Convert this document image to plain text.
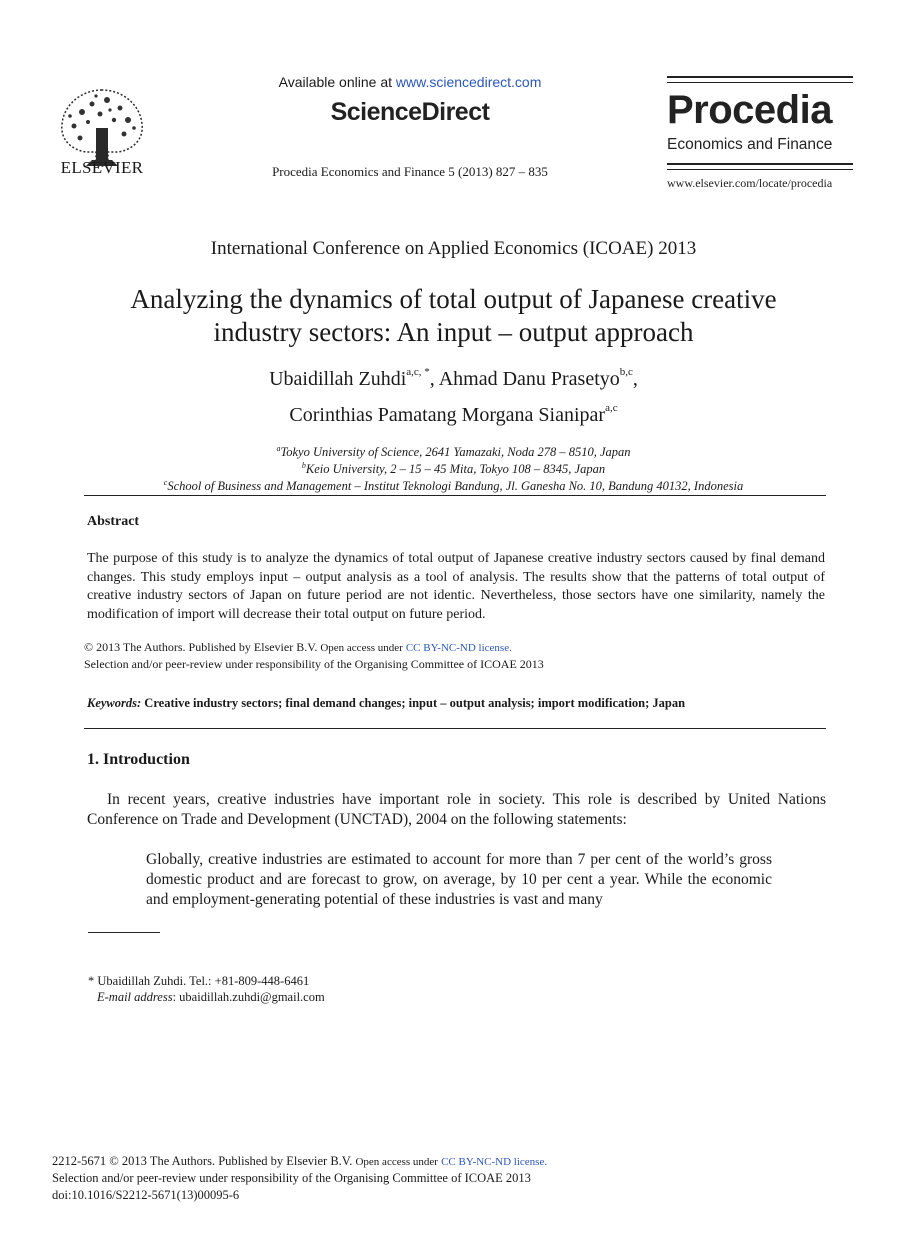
ELSEVIER
Available online at www.sciencedirect.com
ScienceDirect
Procedia Economics and Finance 5 (2013) 827 – 835
Procedia
Economics and Finance
www.elsevier.com/locate/procedia
International Conference on Applied Economics (ICOAE) 2013
Analyzing the dynamics of total output of Japanese creative
industry sectors: An input – output approach
Ubaidillah Zuhdi$^{a,c, *}$, Ahmad Danu Prasetyo$^{b,c}$,
Corinthias Pamatang Morgana Sianipar$^{a,c}$
$^a$Tokyo University of Science, 2641 Yamazaki, Noda 278 – 8510, Japan
$^b$Keio University, 2 – 15 – 45 Mita, Tokyo 108 – 8345, Japan
$^c$School of Business and Management – Institut Teknologi Bandung, Jl. Ganesha No. 10, Bandung 40132, Indonesia
Abstract
The purpose of this study is to analyze the dynamics of total output of Japanese creative industry sectors caused by final demand changes. This study employs input – output analysis as a tool of analysis. The results show that the patterns of total output of creative industry sectors of Japan on future period are not identic. Nevertheless, those sectors have one similarity, namely the modification of import will decrease their total output on future period.
© 2013 The Authors. Published by Elsevier B.V. Open access under CC BY-NC-ND license.
Selection and/or peer-review under responsibility of the Organising Committee of ICOAE 2013
Keywords: Creative industry sectors; final demand changes; input – output analysis; import modification; Japan
1. Introduction
In recent years, creative industries have important role in society. This role is described by United Nations Conference on Trade and Development (UNCTAD), 2004 on the following statements:
Globally, creative industries are estimated to account for more than 7 per cent of the world’s gross domestic product and are forecast to grow, on average, by 10 per cent a year. While the economic and employment-generating potential of these industries is vast and many
* Ubaidillah Zuhdi. Tel.: +81-809-448-6461
E-mail address: ubaidillah.zuhdi@gmail.com
2212-5671 © 2013 The Authors. Published by Elsevier B.V. Open access under CC BY-NC-ND license.
Selection and/or peer-review under responsibility of the Organising Committee of ICOAE 2013
doi:10.1016/S2212-5671(13)00095-6
